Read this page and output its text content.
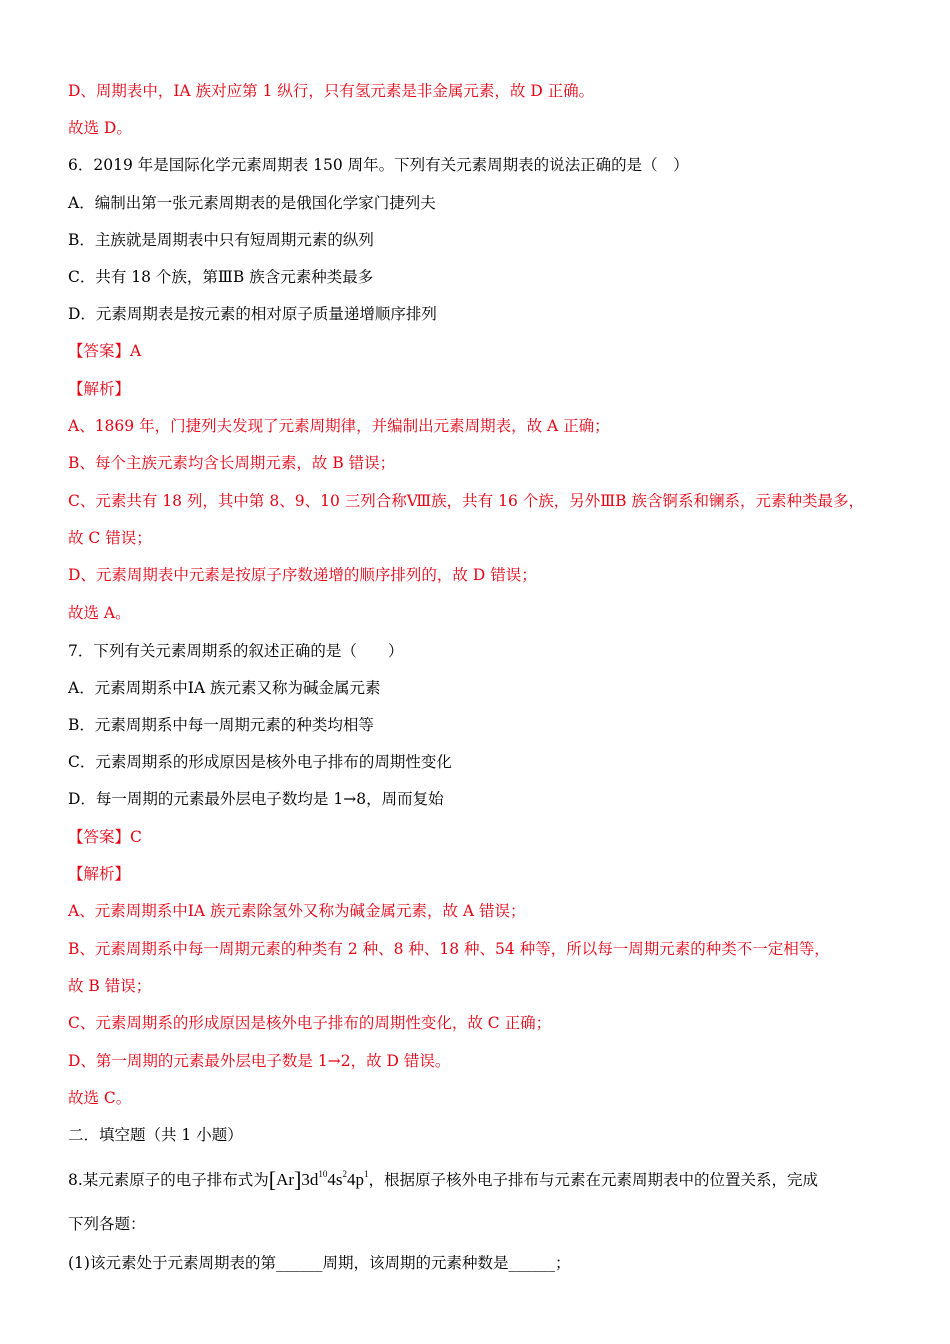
D、周期表中，ⅠA 族对应第 1 纵行，只有氢元素是非金属元素，故 D 正确。
故选 D。
6．2019 年是国际化学元素周期表 150 周年。下列有关元素周期表的说法正确的是（　）
A．编制出第一张元素周期表的是俄国化学家门捷列夫
B．主族就是周期表中只有短周期元素的纵列
C．共有 18 个族，第ⅢB 族含元素种类最多
D．元素周期表是按元素的相对原子质量递增顺序排列
【答案】A
【解析】
A、1869 年，门捷列夫发现了元素周期律，并编制出元素周期表，故 A 正确；
B、每个主族元素均含长周期元素，故 B 错误；
C、元素共有 18 列，其中第 8、9、10 三列合称Ⅷ族，共有 16 个族，另外ⅢB 族含锕系和镧系，元素种类最多，
故 C 错误；
D、元素周期表中元素是按原子序数递增的顺序排列的，故 D 错误；
故选 A。
7．下列有关元素周期系的叙述正确的是（　　）
A．元素周期系中ⅠA 族元素又称为碱金属元素
B．元素周期系中每一周期元素的种类均相等
C．元素周期系的形成原因是核外电子排布的周期性变化
D．每一周期的元素最外层电子数均是 1→8，周而复始
【答案】C
【解析】
A、元素周期系中ⅠA 族元素除氢外又称为碱金属元素，故 A 错误；
B、元素周期系中每一周期元素的种类有 2 种、8 种、18 种、54 种等，所以每一周期元素的种类不一定相等，
故 B 错误；
C、元素周期系的形成原因是核外电子排布的周期性变化，故 C 正确；
D、第一周期的元素最外层电子数是 1→2，故 D 错误。
故选 C。
二．填空题（共 1 小题）
8.某元素原子的电子排布式为$[Ar]3d^{10}4s^24p^1$，根据原子核外电子排布与元素在元素周期表中的位置关系，完成
下列各题：
(1)该元素处于元素周期表的第______周期，该周期的元素种数是______；
